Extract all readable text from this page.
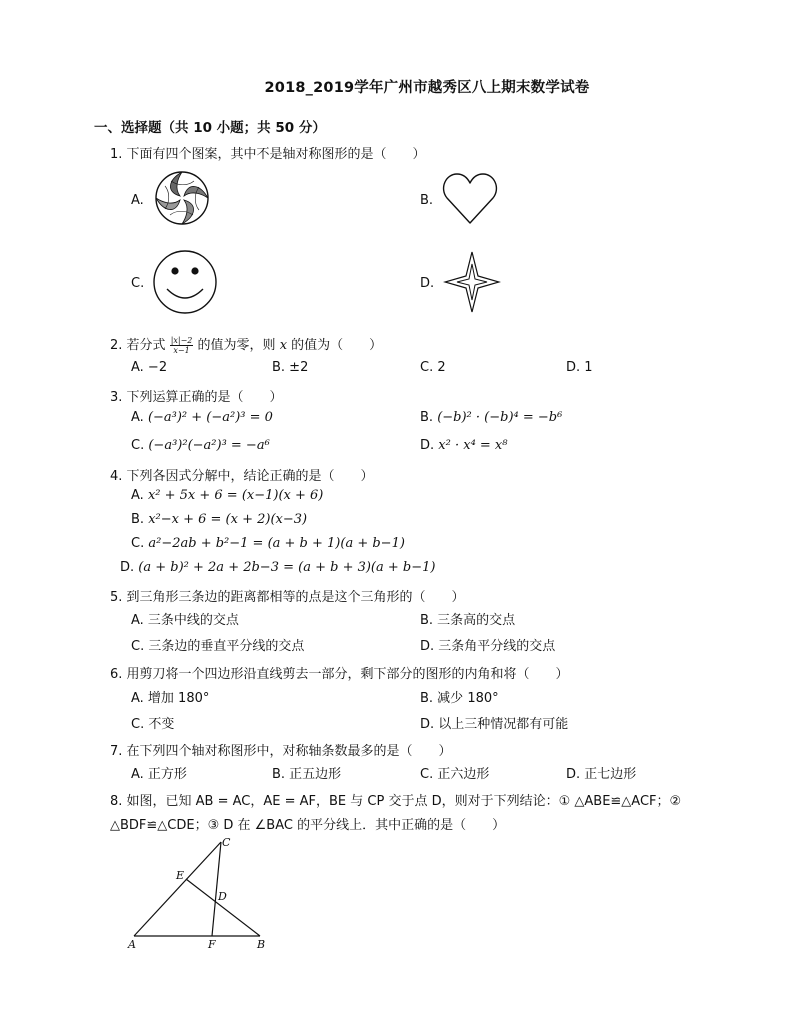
2018_2019学年广州市越秀区八上期末数学试卷
一、选择题（共 10 小题；共 50 分）
1. 下面有四个图案，其中不是轴对称图形的是（　　）
A.	B.
C.	D.
2. 若分式 $\frac{|x|-2}{x-1}$ 的值为零，则 x 的值为（　　）
A. −2	B. ±2	C. 2	D. 1
3. 下列运算正确的是（　　）
A. (−a³)² + (−a²)³ = 0	B. (−b)² · (−b)⁴ = −b⁶
C. (−a³)²(−a²)³ = −a⁶	D. x² · x⁴ = x⁸
4. 下列各因式分解中，结论正确的是（　　）
A. x² + 5x + 6 = (x−1)(x + 6)
B. x²−x + 6 = (x + 2)(x−3)
C. a²−2ab + b²−1 = (a + b + 1)(a + b−1)
D. (a + b)² + 2a + 2b−3 = (a + b + 3)(a + b−1)
5. 到三角形三条边的距离都相等的点是这个三角形的（　　）
A. 三条中线的交点	B. 三条高的交点
C. 三条边的垂直平分线的交点	D. 三条角平分线的交点
6. 用剪刀将一个四边形沿直线剪去一部分，剩下部分的图形的内角和将（　　）
A. 增加 180°	B. 减少 180°
C. 不变	D. 以上三种情况都有可能
7. 在下列四个轴对称图形中，对称轴条数最多的是（　　）
A. 正方形	B. 正五边形	C. 正六边形	D. 正七边形
8. 如图，已知 AB = AC，AE = AF，BE 与 CP 交于点 D，则对于下列结论：① △ABE≌△ACF；②
△BDF≌△CDE；③ D 在 ∠BAC 的平分线上．其中正确的是（　　）
C
E
D
A	F	B
